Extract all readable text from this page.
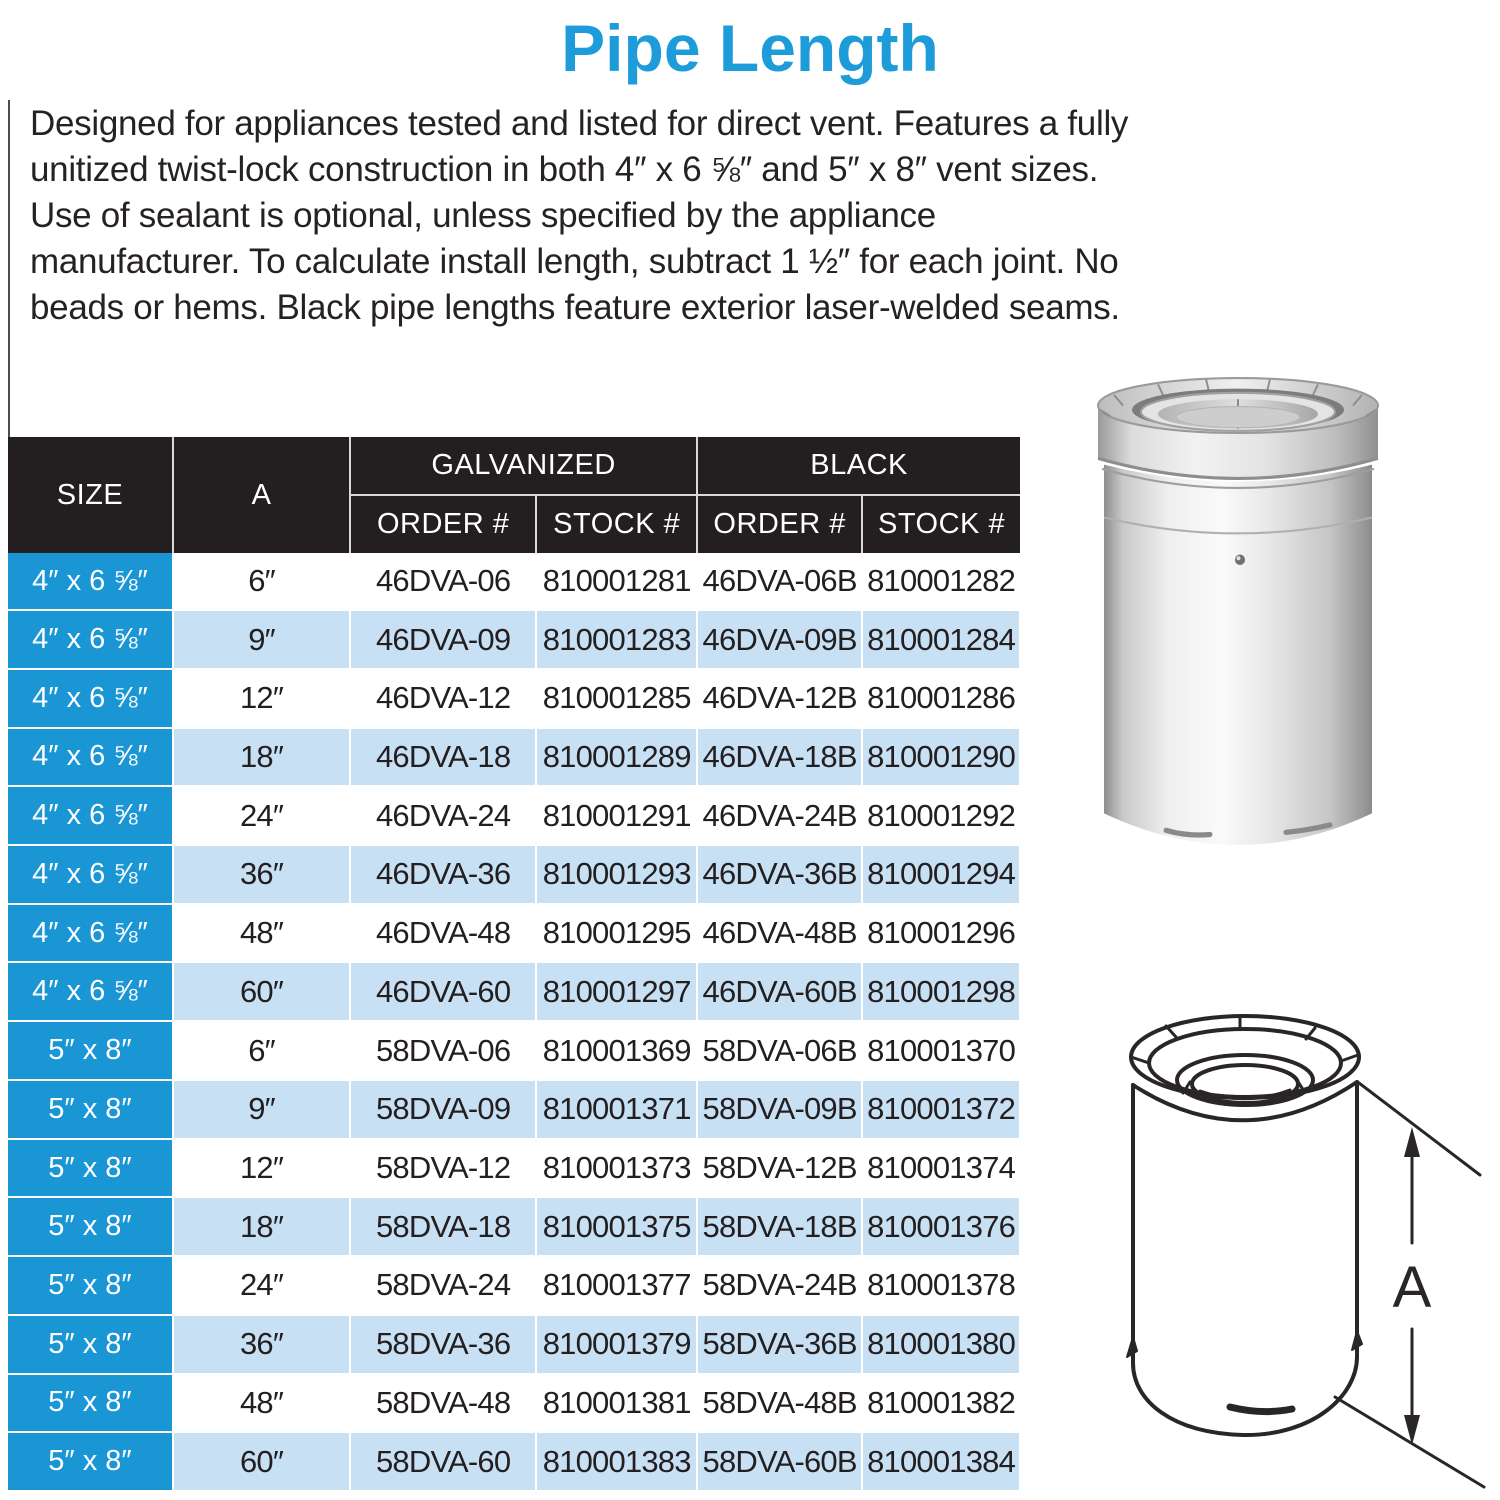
Pipe Length

Designed for appliances tested and listed for direct vent. Features a fully unitized twist-lock construction in both 4″ x 6 ⅝″ and 5″ x 8″ vent sizes. Use of sealant is optional, unless specified by the appliance manufacturer. To calculate install length, subtract 1 ½″ for each joint. No beads or hems. Black pipe lengths feature exterior laser-welded seams.

SIZE	A	GALVANIZED		BLACK	
		ORDER #	STOCK #	ORDER #	STOCK #
4″ x 6 ⅝″	6″	46DVA-06	810001281	46DVA-06B	810001282
4″ x 6 ⅝″	9″	46DVA-09	810001283	46DVA-09B	810001284
4″ x 6 ⅝″	12″	46DVA-12	810001285	46DVA-12B	810001286
4″ x 6 ⅝″	18″	46DVA-18	810001289	46DVA-18B	810001290
4″ x 6 ⅝″	24″	46DVA-24	810001291	46DVA-24B	810001292
4″ x 6 ⅝″	36″	46DVA-36	810001293	46DVA-36B	810001294
4″ x 6 ⅝″	48″	46DVA-48	810001295	46DVA-48B	810001296
4″ x 6 ⅝″	60″	46DVA-60	810001297	46DVA-60B	810001298
5″ x 8″	6″	58DVA-06	810001369	58DVA-06B	810001370
5″ x 8″	9″	58DVA-09	810001371	58DVA-09B	810001372
5″ x 8″	12″	58DVA-12	810001373	58DVA-12B	810001374
5″ x 8″	18″	58DVA-18	810001375	58DVA-18B	810001376
5″ x 8″	24″	58DVA-24	810001377	58DVA-24B	810001378
5″ x 8″	36″	58DVA-36	810001379	58DVA-36B	810001380
5″ x 8″	48″	58DVA-48	810001381	58DVA-48B	810001382
5″ x 8″	60″	58DVA-60	810001383	58DVA-60B	810001384
A
